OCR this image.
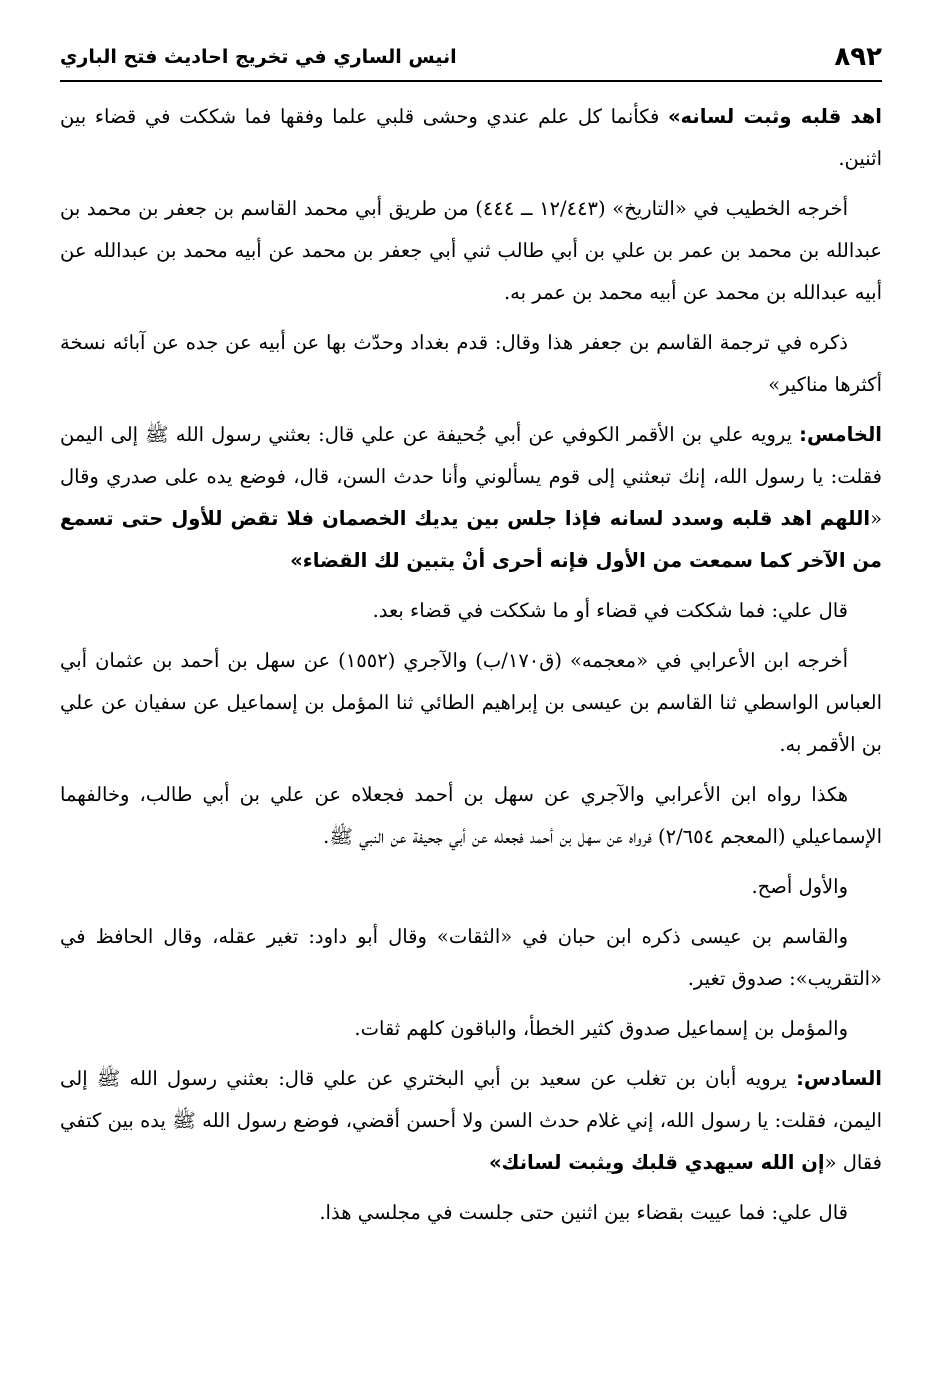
٨٩٢
انيس الساري في تخريج احاديث فتح الباري

اهد قلبه وثبت لسانه» فكأنما كل علم عندي وحشى قلبي علما وفقها فما شككت في قضاء بين اثنين.

أخرجه الخطيب في «التاريخ» (١٢/٤٤٣ ــ ٤٤٤) من طريق أبي محمد القاسم بن جعفر بن محمد بن عبدالله بن محمد بن عمر بن علي بن أبي طالب ثني أبي جعفر بن محمد عن أبيه محمد بن عبدالله عن أبيه عبدالله بن محمد عن أبيه محمد بن عمر به.

ذكره في ترجمة القاسم بن جعفر هذا وقال: قدم بغداد وحدّث بها عن أبيه عن جده عن آبائه نسخة أكثرها مناكير»

الخامس: يرويه علي بن الأقمر الكوفي عن أبي جُحيفة عن علي قال: بعثني رسول الله ﷺ إلى اليمن فقلت: يا رسول الله، إنك تبعثني إلى قوم يسألوني وأنا حدث السن، قال، فوضع يده على صدري وقال «اللهم اهد قلبه وسدد لسانه فإذا جلس بين يديك الخصمان فلا تقض للأول حتى تسمع من الآخر كما سمعت من الأول فإنه أحرى أنْ يتبين لك القضاء»

قال علي: فما شككت في قضاء أو ما شككت في قضاء بعد.

أخرجه ابن الأعرابي في «معجمه» (ق١٧٠/ب) والآجري (١٥٥٢) عن سهل بن أحمد بن عثمان أبي العباس الواسطي ثنا القاسم بن عيسى بن إبراهيم الطائي ثنا المؤمل بن إسماعيل عن سفيان عن علي بن الأقمر به.

هكذا رواه ابن الأعرابي والآجري عن سهل بن أحمد فجعلاه عن علي بن أبي طالب، وخالفهما الإسماعيلي (المعجم ٢/٦٥٤) فرواه عن سهل بن أحمد فجعله عن أبي جحيفة عن النبي ﷺ.

والأول أصح.

والقاسم بن عيسى ذكره ابن حبان في «الثقات» وقال أبو داود: تغير عقله، وقال الحافظ في «التقريب»: صدوق تغير.

والمؤمل بن إسماعيل صدوق كثير الخطأ، والباقون كلهم ثقات.

السادس: يرويه أبان بن تغلب عن سعيد بن أبي البختري عن علي قال: بعثني رسول الله ﷺ إلى اليمن، فقلت: يا رسول الله، إني غلام حدث السن ولا أحسن أقضي، فوضع رسول الله ﷺ يده بين كتفي فقال «إن الله سيهدي قلبك ويثبت لسانك»

قال علي: فما عييت بقضاء بين اثنين حتى جلست في مجلسي هذا.
